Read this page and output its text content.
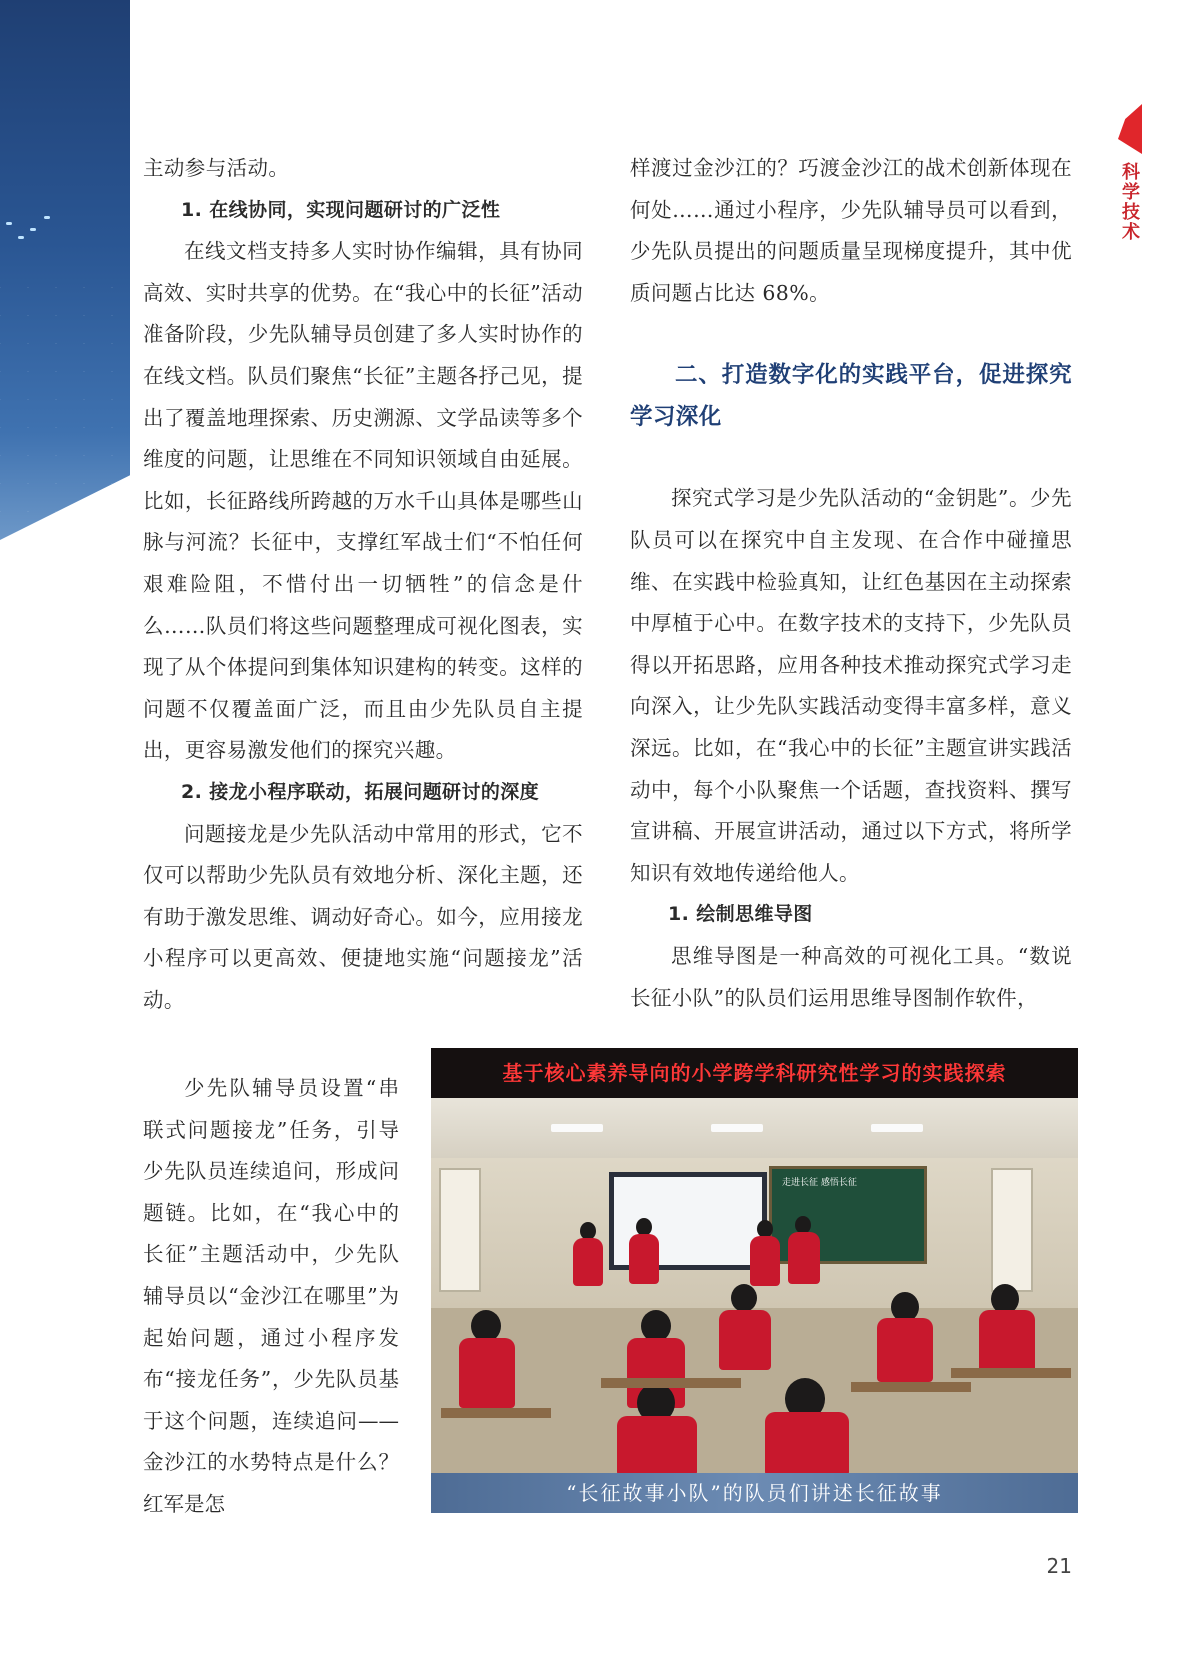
科学技术

主动参与活动。

1. 在线协同，实现问题研讨的广泛性

在线文档支持多人实时协作编辑，具有协同高效、实时共享的优势。在“我心中的长征”活动准备阶段，少先队辅导员创建了多人实时协作的在线文档。队员们聚焦“长征”主题各抒己见，提出了覆盖地理探索、历史溯源、文学品读等多个维度的问题，让思维在不同知识领域自由延展。比如，长征路线所跨越的万水千山具体是哪些山脉与河流？长征中，支撑红军战士们“不怕任何艰难险阻，不惜付出一切牺牲”的信念是什么……队员们将这些问题整理成可视化图表，实现了从个体提问到集体知识建构的转变。这样的问题不仅覆盖面广泛，而且由少先队员自主提出，更容易激发他们的探究兴趣。

2. 接龙小程序联动，拓展问题研讨的深度

问题接龙是少先队活动中常用的形式，它不仅可以帮助少先队员有效地分析、深化主题，还有助于激发思维、调动好奇心。如今，应用接龙小程序可以更高效、便捷地实施“问题接龙”活动。

少先队辅导员设置“串联式问题接龙”任务，引导少先队员连续追问，形成问题链。比如，在“我心中的长征”主题活动中，少先队辅导员以“金沙江在哪里”为起始问题，通过小程序发布“接龙任务”，少先队员基于这个问题，连续追问——金沙江的水势特点是什么？红军是怎

样渡过金沙江的？巧渡金沙江的战术创新体现在何处……通过小程序，少先队辅导员可以看到，少先队员提出的问题质量呈现梯度提升，其中优质问题占比达 68%。

二、打造数字化的实践平台，促进探究学习深化

探究式学习是少先队活动的“金钥匙”。少先队员可以在探究中自主发现、在合作中碰撞思维、在实践中检验真知，让红色基因在主动探索中厚植于心中。在数字技术的支持下，少先队员得以开拓思路，应用各种技术推动探究式学习走向深入，让少先队实践活动变得丰富多样，意义深远。比如，在“我心中的长征”主题宣讲实践活动中，每个小队聚焦一个话题，查找资料、撰写宣讲稿、开展宣讲活动，通过以下方式，将所学知识有效地传递给他人。

1. 绘制思维导图

思维导图是一种高效的可视化工具。“数说长征小队”的队员们运用思维导图制作软件，

基于核心素养导向的小学跨学科研究性学习的实践探索
走进长征 感悟长征
“长征故事小队”的队员们讲述长征故事
21
